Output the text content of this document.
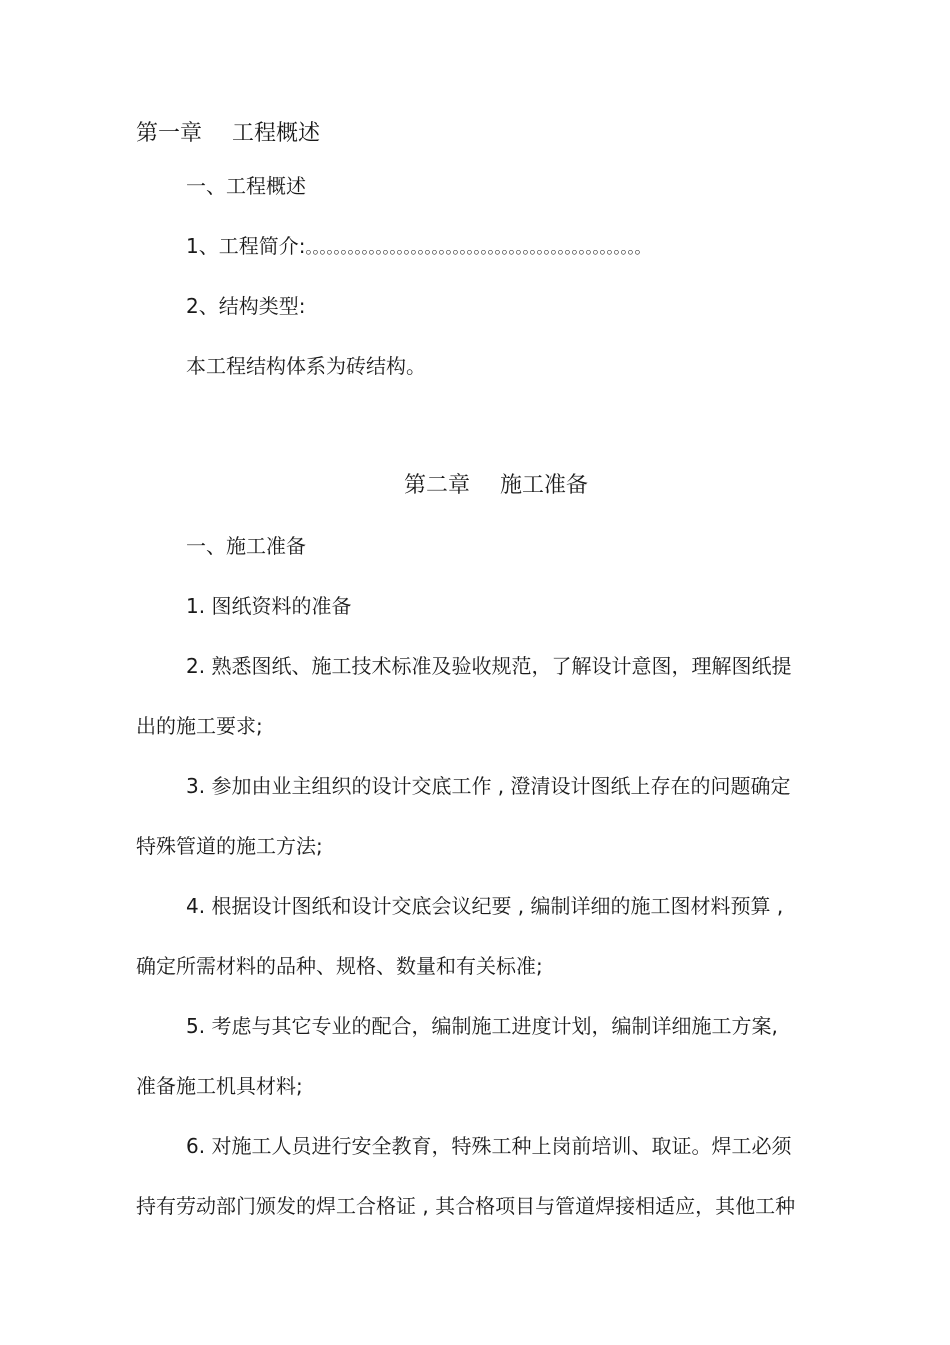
第一章 工程概述
一、工程概述
1、工程简介:。。。。。。。。。。。。。。。。。。。。。。。。。。。。。。。。。。。。。。。。。。。。。。。。
2、结构类型:
本工程结构体系为砖结构。
第二章 施工准备
一、施工准备
1. 图纸资料的准备
2. 熟悉图纸、施工技术标准及验收规范，了解设计意图，理解图纸提
出的施工要求;
3. 参加由业主组织的设计交底工作 , 澄清设计图纸上存在的问题确定
特殊管道的施工方法;
4. 根据设计图纸和设计交底会议纪要 , 编制详细的施工图材料预算 ,
确定所需材料的品种、规格、数量和有关标准;
5. 考虑与其它专业的配合，编制施工进度计划，编制详细施工方案,
准备施工机具材料;
6. 对施工人员进行安全教育，特殊工种上岗前培训、取证。焊工必须
持有劳动部门颁发的焊工合格证 , 其合格项目与管道焊接相适应，其他工种
